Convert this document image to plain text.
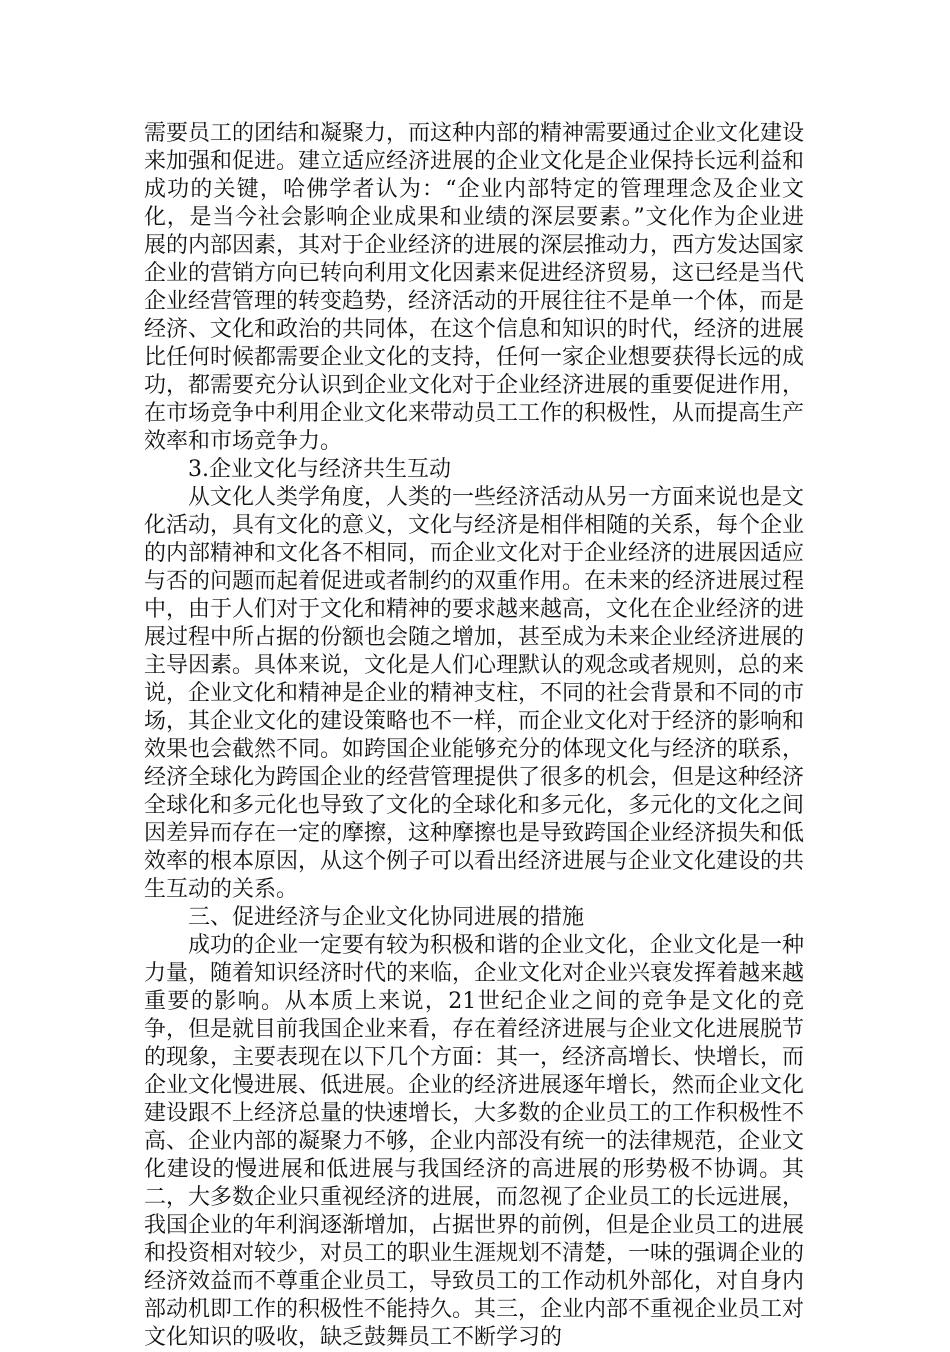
需要员工的团结和凝聚力，而这种内部的精神需要通过企业文化建设来加强和促进。建立适应经济进展的企业文化是企业保持长远利益和成功的关键，哈佛学者认为：“企业内部特定的管理理念及企业文化，是当今社会影响企业成果和业绩的深层要素。”文化作为企业进展的内部因素，其对于企业经济的进展的深层推动力，西方发达国家企业的营销方向已转向利用文化因素来促进经济贸易，这已经是当代企业经营管理的转变趋势，经济活动的开展往往不是单一个体，而是经济、文化和政治的共同体，在这个信息和知识的时代，经济的进展比任何时候都需要企业文化的支持，任何一家企业想要获得长远的成功，都需要充分认识到企业文化对于企业经济进展的重要促进作用，在市场竞争中利用企业文化来带动员工工作的积极性，从而提高生产效率和市场竞争力。

3.企业文化与经济共生互动

从文化人类学角度，人类的一些经济活动从另一方面来说也是文化活动，具有文化的意义，文化与经济是相伴相随的关系，每个企业的内部精神和文化各不相同，而企业文化对于企业经济的进展因适应与否的问题而起着促进或者制约的双重作用。在未来的经济进展过程中，由于人们对于文化和精神的要求越来越高，文化在企业经济的进展过程中所占据的份额也会随之增加，甚至成为未来企业经济进展的主导因素。具体来说，文化是人们心理默认的观念或者规则，总的来说，企业文化和精神是企业的精神支柱，不同的社会背景和不同的市场，其企业文化的建设策略也不一样，而企业文化对于经济的影响和效果也会截然不同。如跨国企业能够充分的体现文化与经济的联系，经济全球化为跨国企业的经营管理提供了很多的机会，但是这种经济全球化和多元化也导致了文化的全球化和多元化，多元化的文化之间因差异而存在一定的摩擦，这种摩擦也是导致跨国企业经济损失和低效率的根本原因，从这个例子可以看出经济进展与企业文化建设的共生互动的关系。

三、促进经济与企业文化协同进展的措施

成功的企业一定要有较为积极和谐的企业文化，企业文化是一种力量，随着知识经济时代的来临，企业文化对企业兴衰发挥着越来越重要的影响。从本质上来说，21世纪企业之间的竞争是文化的竞争，但是就目前我国企业来看，存在着经济进展与企业文化进展脱节的现象，主要表现在以下几个方面：其一，经济高增长、快增长，而企业文化慢进展、低进展。企业的经济进展逐年增长，然而企业文化建设跟不上经济总量的快速增长，大多数的企业员工的工作积极性不高、企业内部的凝聚力不够，企业内部没有统一的法律规范，企业文化建设的慢进展和低进展与我国经济的高进展的形势极不协调。其二，大多数企业只重视经济的进展，而忽视了企业员工的长远进展，我国企业的年利润逐渐增加，占据世界的前例，但是企业员工的进展和投资相对较少，对员工的职业生涯规划不清楚，一味的强调企业的经济效益而不尊重企业员工，导致员工的工作动机外部化，对自身内部动机即工作的积极性不能持久。其三，企业内部不重视企业员工对文化知识的吸收，缺乏鼓舞员工不断学习的
